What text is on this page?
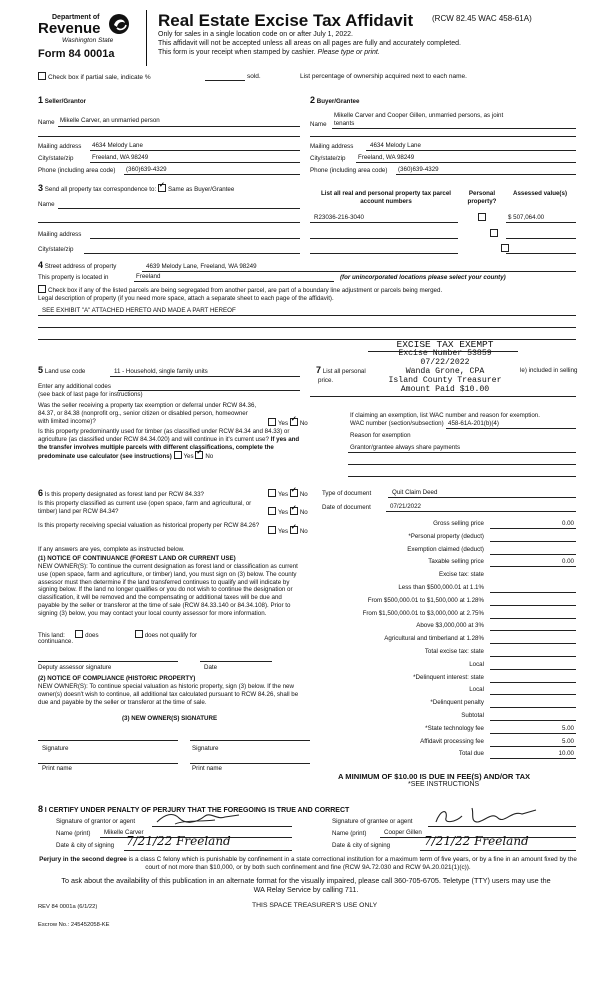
Department of
Revenue
Washington State
Form 84 0001a
Real Estate Excise Tax Affidavit (RCW 82.45 WAC 458-61A)
Only for sales in a single location code on or after July 1, 2022.
This affidavit will not be accepted unless all areas on all pages are fully and accurately completed.
This form is your receipt when stamped by cashier. Please type or print.
Check box if partial sale, indicate %	sold.	List percentage of ownership acquired next to each name.
1 Seller/Grantor
Name Mikelle Carver, an unmarried person
Mailing address 4634 Melody Lane
City/state/zip	Freeland, WA 98249
Phone (including area code) (360)639-4329
2 Buyer/Grantee
Mikelle Carver and Cooper Gillen, unmarried persons, as joint
Name tenants
Mailing address	4634 Melody Lane
City/state/zip Freeland, WA 98249
Phone (including area code) (360)639-4329
3 Send all property tax correspondence to: ✓ Same as Buyer/Grantee
Name
Mailing address
City/state/zip
List all real and personal property tax parcel account numbers
Personal property?
Assessed value(s)
R23036-216-3040
	$ 507,064.00
4 Street address of property	4639 Melody Lane, Freeland, WA 98249
This property is located in	Freeland	(for unincorporated locations please select your county)
Check box if any of the listed parcels are being segregated from another parcel, are part of a boundary line adjustment or parcels being merged.
Legal description of property (if you need more space, attach a separate sheet to each page of the affidavit).
SEE EXHIBIT "A" ATTACHED HERETO AND MADE A PART HEREOF
EXCISE TAX EXEMPT
Excise Number 53859
07/22/2022
Wanda Grone, CPA
Island County Treasurer
Amount Paid $10.00
5 Land use code	11 - Household, single family units
Enter any additional codes
(see back of last page for instructions)
Was the seller receiving a property tax exemption or deferral under RCW 84.36, 84.37, or 84.38 (nonprofit org., senior citizen or disabled person, homeowner with limited income)?	Yes ✓ No
Is this property predominantly used for timber (as classified under RCW 84.34 and 84.33) or agriculture (as classified under RCW 84.34.020) and will continue in it's current use? If yes and the transfer involves multiple parcels with different classifications, complete the predominate use calculator (see instructions) Yes ✓ No
7 List all personal
price.
le) included in selling
If claiming an exemption, list WAC number and reason for exemption.
WAC number (section/subsection) 458-61A-201(b)(4)
Reason for exemption
Grantor/grantee always share payments
6 Is this property designated as forest land per RCW 84.33?	Yes ✓ No
Is this property classified as current use (open space, farm and agricultural, or timber) land per RCW 84.34?	Yes ✓ No
Is this property receiving special valuation as historical property per RCW 84.26?
Yes ✓ No
If any answers are yes, complete as instructed below.
(1) NOTICE OF CONTINUANCE (FOREST LAND OR CURRENT USE)
NEW OWNER(S): To continue the current designation as forest land or classification as current use (open space, farm and agriculture, or timber) land, you must sign on (3) below. The county assessor must then determine if the land transferred continues to qualify and will indicate by signing below. If the land no longer qualifies or you do not wish to continue the designation or classification, it will be removed and the compensating or additional taxes will be due and payable by the seller or transferor at the time of sale (RCW 84.33.140 or 84.34.108). Prior to signing (3) below, you may contact your local county assessor for more information.
This land:	does	does not qualify for
continuance.
Deputy assessor signature	Date
(2) NOTICE OF COMPLIANCE (HISTORIC PROPERTY)
NEW OWNER(S): To continue special valuation as historic property, sign (3) below. If the new owner(s) doesn't wish to continue, all additional tax calculated pursuant to RCW 84.26, shall be due and payable by the seller or transferor at the time of sale.
(3) NEW OWNER(S) SIGNATURE
Signature	Signature
Print name	Print name
Type of document	Quit Claim Deed
Date of document	07/21/2022
Gross selling price	0.00
*Personal property (deduct)
Exemption claimed (deduct)
Taxable selling price	0.00
Excise tax: state
Less than $500,000.01 at 1.1%
From $500,000.01 to $1,500,000 at 1.28%
From $1,500,000.01 to $3,000,000 at 2.75%
Above $3,000,000 at 3%
Agricultural and timberland at 1.28%
Total excise tax: state
Local
*Delinquent interest: state
Local
*Delinquent penalty
Subtotal
*State technology fee	5.00
Affidavit processing fee	5.00
Total due	10.00
A MINIMUM OF $10.00 IS DUE IN FEE(S) AND/OR TAX
*SEE INSTRUCTIONS
8 I CERTIFY UNDER PENALTY OF PERJURY THAT THE FOREGOING IS TRUE AND CORRECT
Signature of grantor or agent
Name (print) Mikelle Carver
Date & city of signing 7/21/22 Freeland
Signature of grantee or agent
Name (print)	Cooper Gillen
Date & city of signing	7/21/22 Freeland
Perjury in the second degree is a class C felony which is punishable by confinement in a state correctional institution for a maximum term of five years, or by a fine in an amount fixed by the court of not more than $10,000, or by both such confinement and fine (RCW 9A.72.030 and RCW 9A.20.021(1)(c)).
To ask about the availability of this publication in an alternate format for the visually impaired, please call 360-705-6705. Teletype (TTY) users may use the WA Relay Service by calling 711.
REV 84 0001a (6/1/22)	THIS SPACE TREASURER'S USE ONLY
Escrow No.: 245452058-KE
